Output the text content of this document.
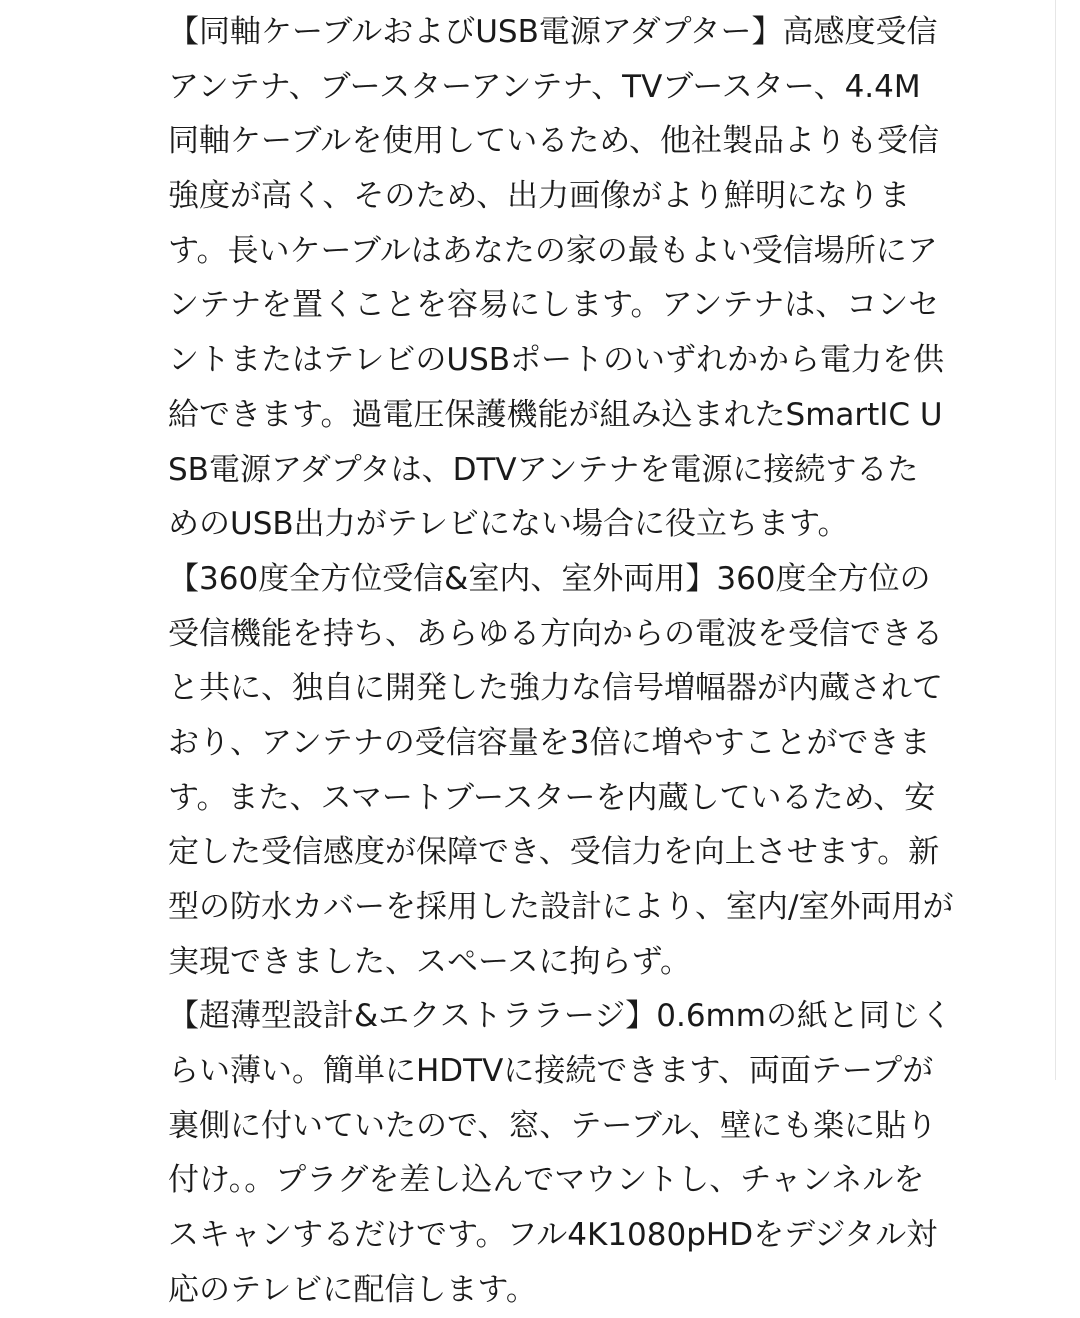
【同軸ケーブルおよびUSB電源アダプター】高感度受信
アンテナ、ブースターアンテナ、TVブースター、4.4M
同軸ケーブルを使用しているため、他社製品よりも受信
強度が高く、そのため、出力画像がより鮮明になりま
す。長いケーブルはあなたの家の最もよい受信場所にア
ンテナを置くことを容易にします。アンテナは、コンセ
ントまたはテレビのUSBポートのいずれかから電力を供
給できます。過電圧保護機能が組み込まれたSmartIC U
SB電源アダプタは、DTVアンテナを電源に接続するた
めのUSB出力がテレビにない場合に役立ちます。
【360度全方位受信&室内、室外両用】360度全方位の
受信機能を持ち、あらゆる方向からの電波を受信できる
と共に、独自に開発した強力な信号増幅器が内蔵されて
おり、アンテナの受信容量を3倍に増やすことができま
す。また、スマートブースターを内蔵しているため、安
定した受信感度が保障でき、受信力を向上させます。新
型の防水カバーを採用した設計により、室内/室外両用が
実現できました、スペースに拘らず。
【超薄型設計&エクストララージ】0.6mmの紙と同じく
らい薄い。簡単にHDTVに接続できます、両面テープが
裏側に付いていたので、窓、テーブル、壁にも楽に貼り
付け。。プラグを差し込んでマウントし、チャンネルを
スキャンするだけです。フル4K1080pHDをデジタル対
応のテレビに配信します。
